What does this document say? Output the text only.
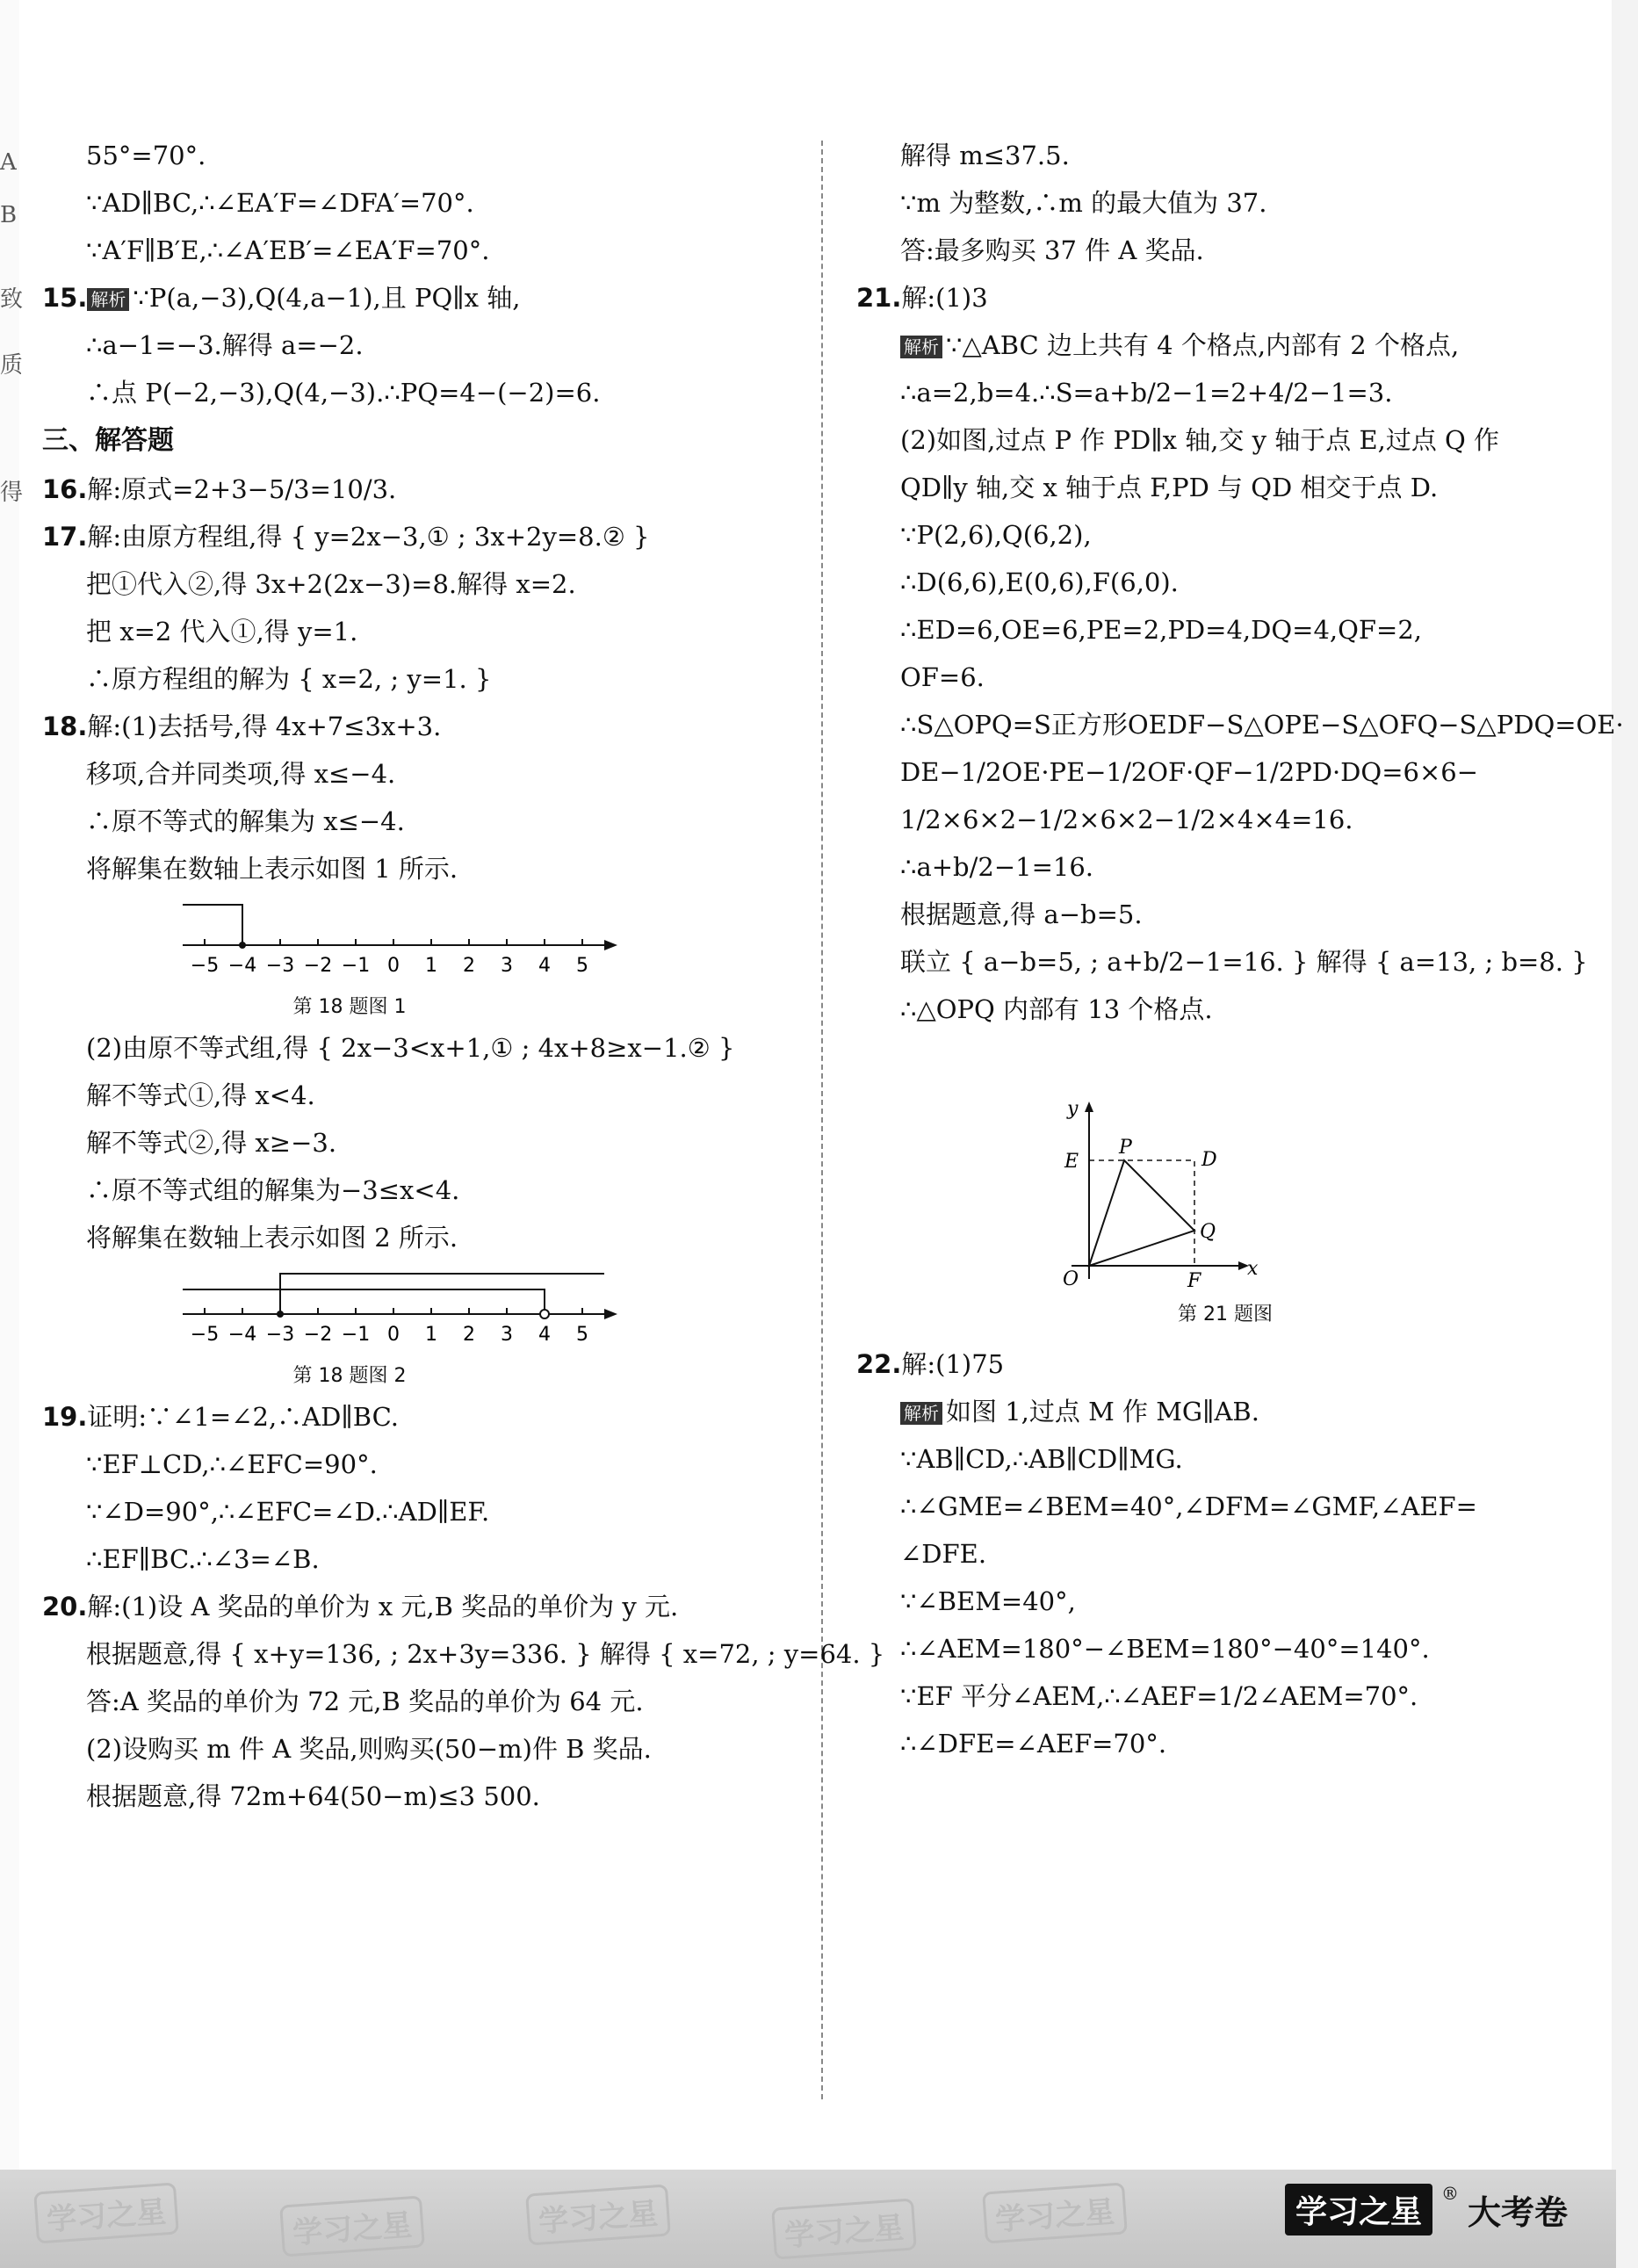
A
B
致
质
得
55°=70°.
∵AD∥BC,∴∠EA′F=∠DFA′=70°.
∵A′F∥B′E,∴∠A′EB′=∠EA′F=70°.
15. 解析 ∵P(a,−3),Q(4,a−1),且 PQ∥x 轴,
∴a−1=−3.解得 a=−2.
∴点 P(−2,−3),Q(4,−3).∴PQ=4−(−2)=6.
三、解答题
16.解:原式=2+3−5/3=10/3.
17.解:由原方程组,得 { y=2x−3,① ; 3x+2y=8.② }
把①代入②,得 3x+2(2x−3)=8.解得 x=2.
把 x=2 代入①,得 y=1.
∴原方程组的解为 { x=2, ; y=1. }
18.解:(1)去括号,得 4x+7≤3x+3.
移项,合并同类项,得 x≤−4.
∴原不等式的解集为 x≤−4.
将解集在数轴上表示如图 1 所示.
−5 −4 −3 −2 −1 0 1 2 3 4 5
第 18 题图 1
(2)由原不等式组,得 { 2x−3<x+1,① ; 4x+8≥x−1.② }
解不等式①,得 x<4.
解不等式②,得 x≥−3.
∴原不等式组的解集为−3≤x<4.
将解集在数轴上表示如图 2 所示.
−5 −4 −3 −2 −1 0 1 2 3 4 5
第 18 题图 2
19.证明:∵∠1=∠2,∴AD∥BC.
∵EF⊥CD,∴∠EFC=90°.
∵∠D=90°,∴∠EFC=∠D.∴AD∥EF.
∴EF∥BC.∴∠3=∠B.
20.解:(1)设 A 奖品的单价为 x 元,B 奖品的单价为 y 元.
根据题意,得 { x+y=136, ; 2x+3y=336. } 解得 { x=72, ; y=64. }
答:A 奖品的单价为 72 元,B 奖品的单价为 64 元.
(2)设购买 m 件 A 奖品,则购买(50−m)件 B 奖品.
根据题意,得 72m+64(50−m)≤3 500.
解得 m≤37.5.
∵m 为整数,∴m 的最大值为 37.
答:最多购买 37 件 A 奖品.
21.解:(1)3
解析 ∵△ABC 边上共有 4 个格点,内部有 2 个格点,
∴a=2,b=4.∴S=a+b/2−1=2+4/2−1=3.
(2)如图,过点 P 作 PD∥x 轴,交 y 轴于点 E,过点 Q 作
QD∥y 轴,交 x 轴于点 F,PD 与 QD 相交于点 D.
∵P(2,6),Q(6,2),
∴D(6,6),E(0,6),F(6,0).
∴ED=6,OE=6,PE=2,PD=4,DQ=4,QF=2,
OF=6.
∴S△OPQ=S正方形OEDF−S△OPE−S△OFQ−S△PDQ=OE·
DE−1/2OE·PE−1/2OF·QF−1/2PD·DQ=6×6−
1/2×6×2−1/2×6×2−1/2×4×4=16.
∴a+b/2−1=16.
根据题意,得 a−b=5.
联立 { a−b=5, ; a+b/2−1=16. } 解得 { a=13, ; b=8. }
∴△OPQ 内部有 13 个格点.
y
x
O
E
P
D
Q
F
第 21 题图
22.解:(1)75
解析 如图 1,过点 M 作 MG∥AB.
∵AB∥CD,∴AB∥CD∥MG.
∴∠GME=∠BEM=40°,∠DFM=∠GMF,∠AEF=
∠DFE.
∵∠BEM=40°,
∴∠AEM=180°−∠BEM=180°−40°=140°.
∵EF 平分∠AEM,∴∠AEF=1/2∠AEM=70°.
∴∠DFE=∠AEF=70°.
学习之星	学习之星	学习之星	学习之星	学习之星	学习之星
® 大考卷
